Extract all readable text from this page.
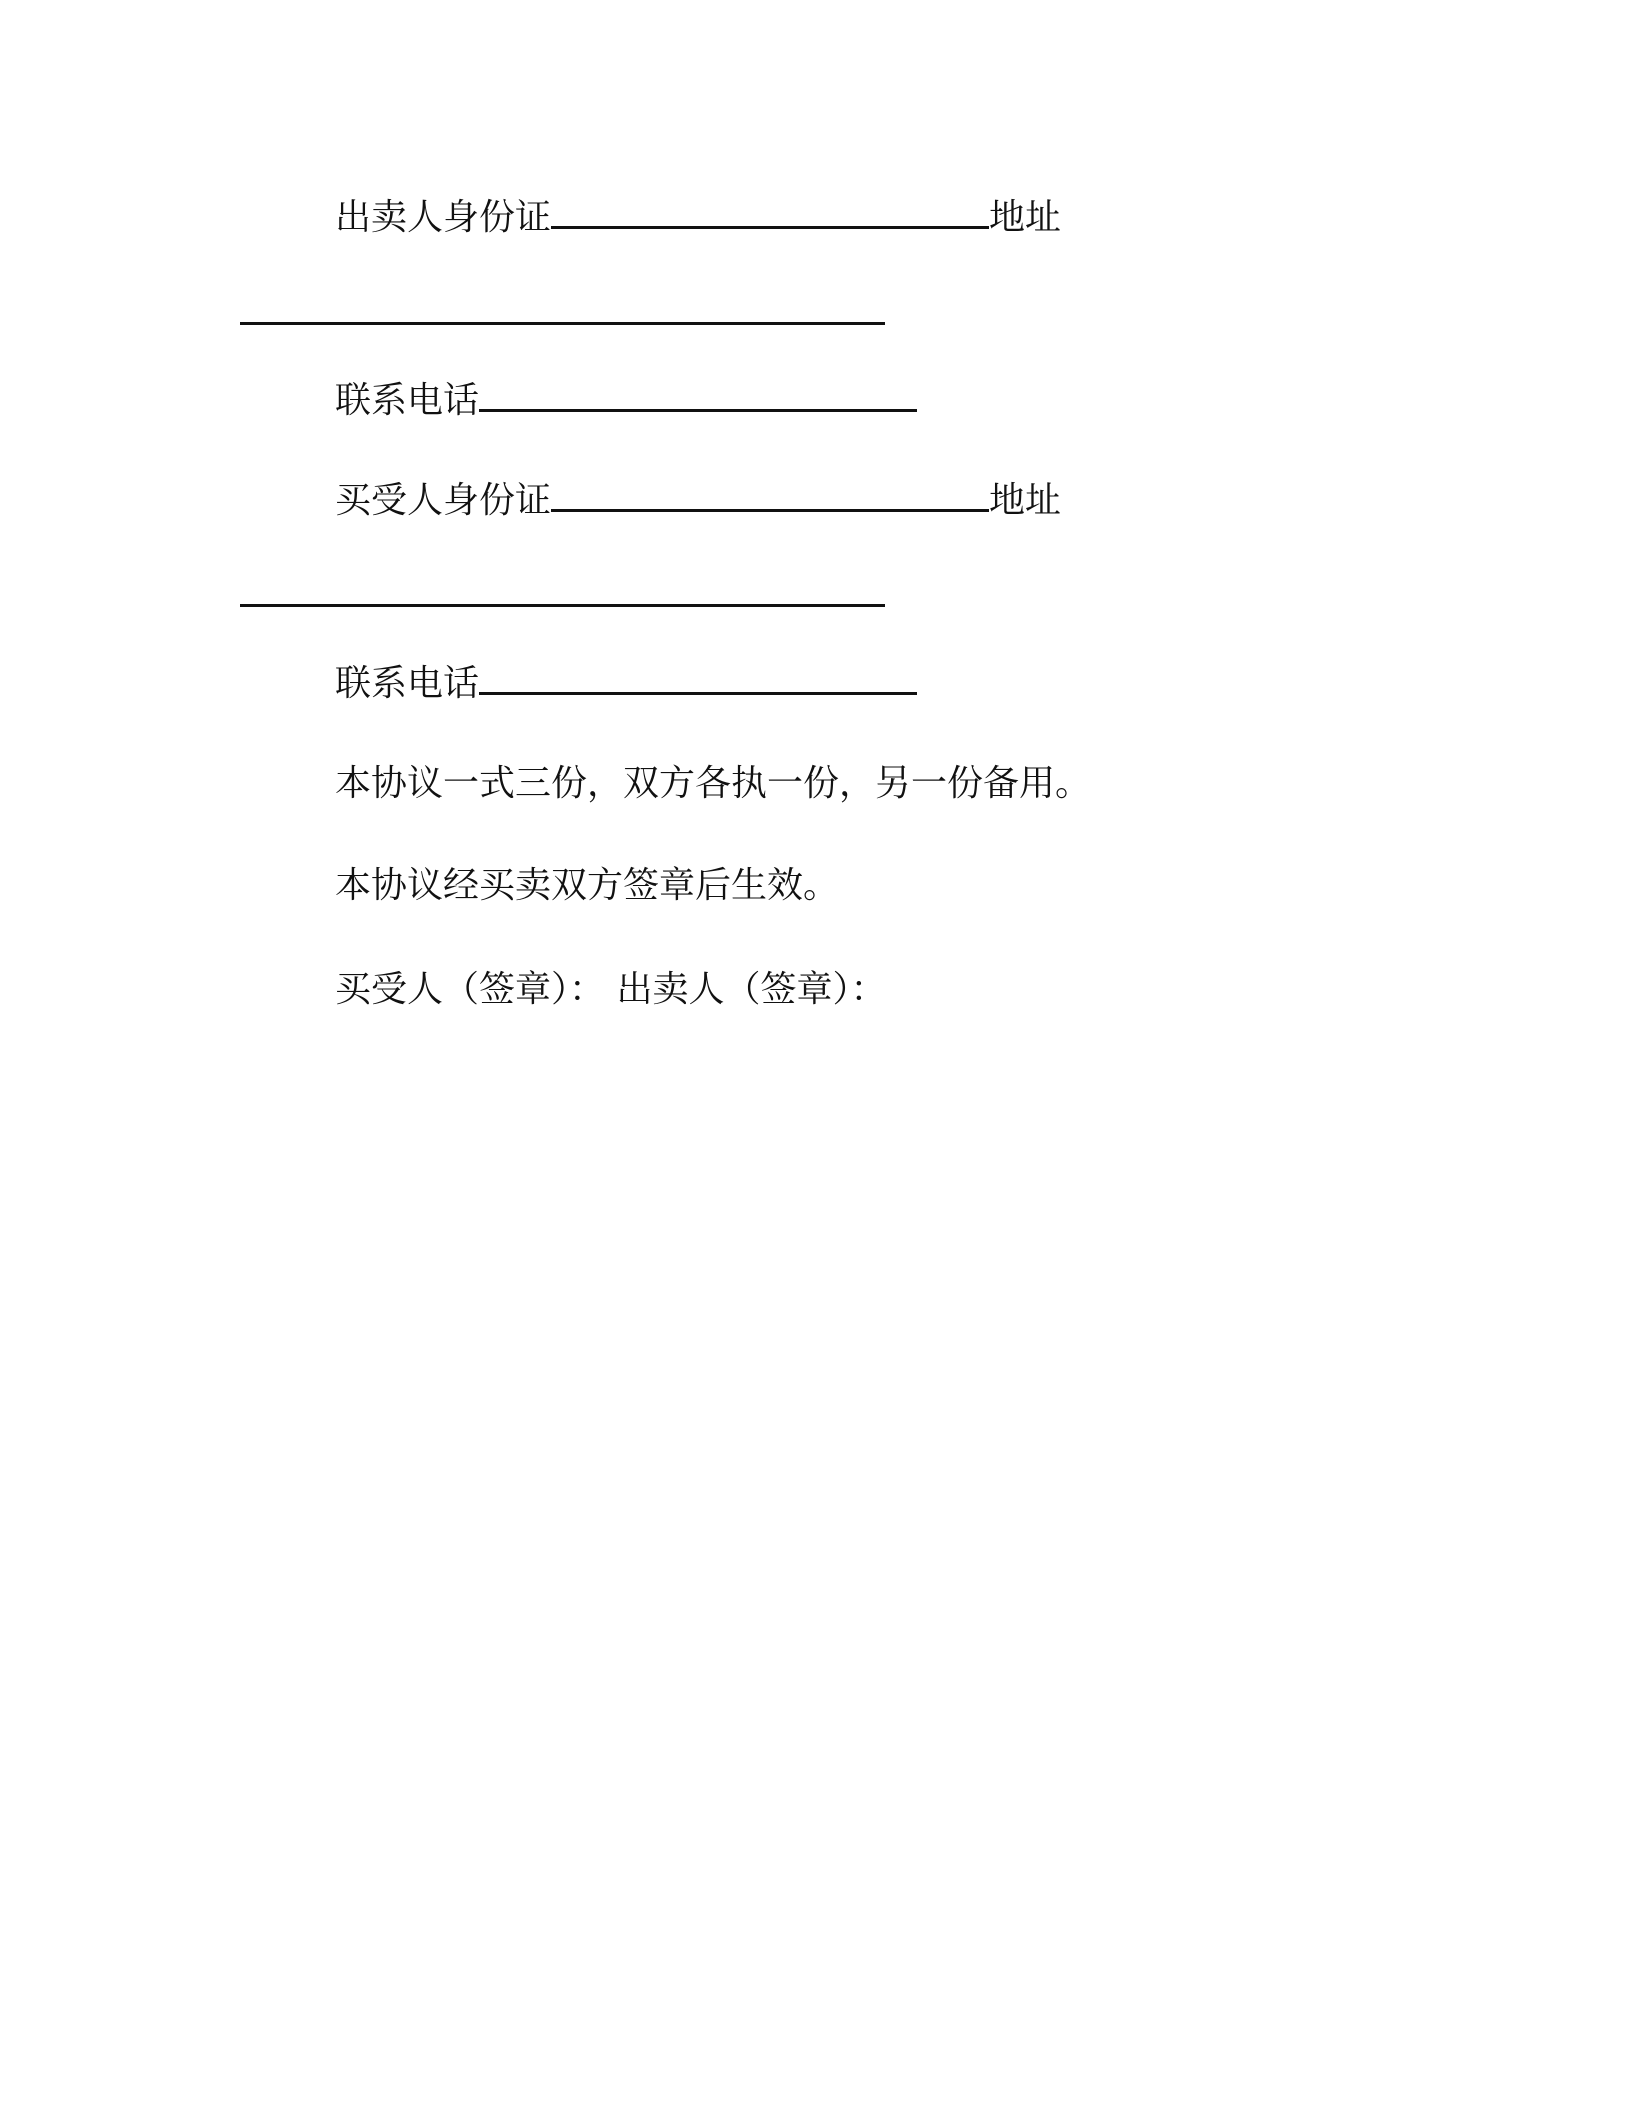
出卖人身份证	地址
联系电话
买受人身份证	地址
联系电话
本协议一式三份，双方各执一份，另一份备用。
本协议经买卖双方签章后生效。
买受人（签章）： 出卖人（签章）：
